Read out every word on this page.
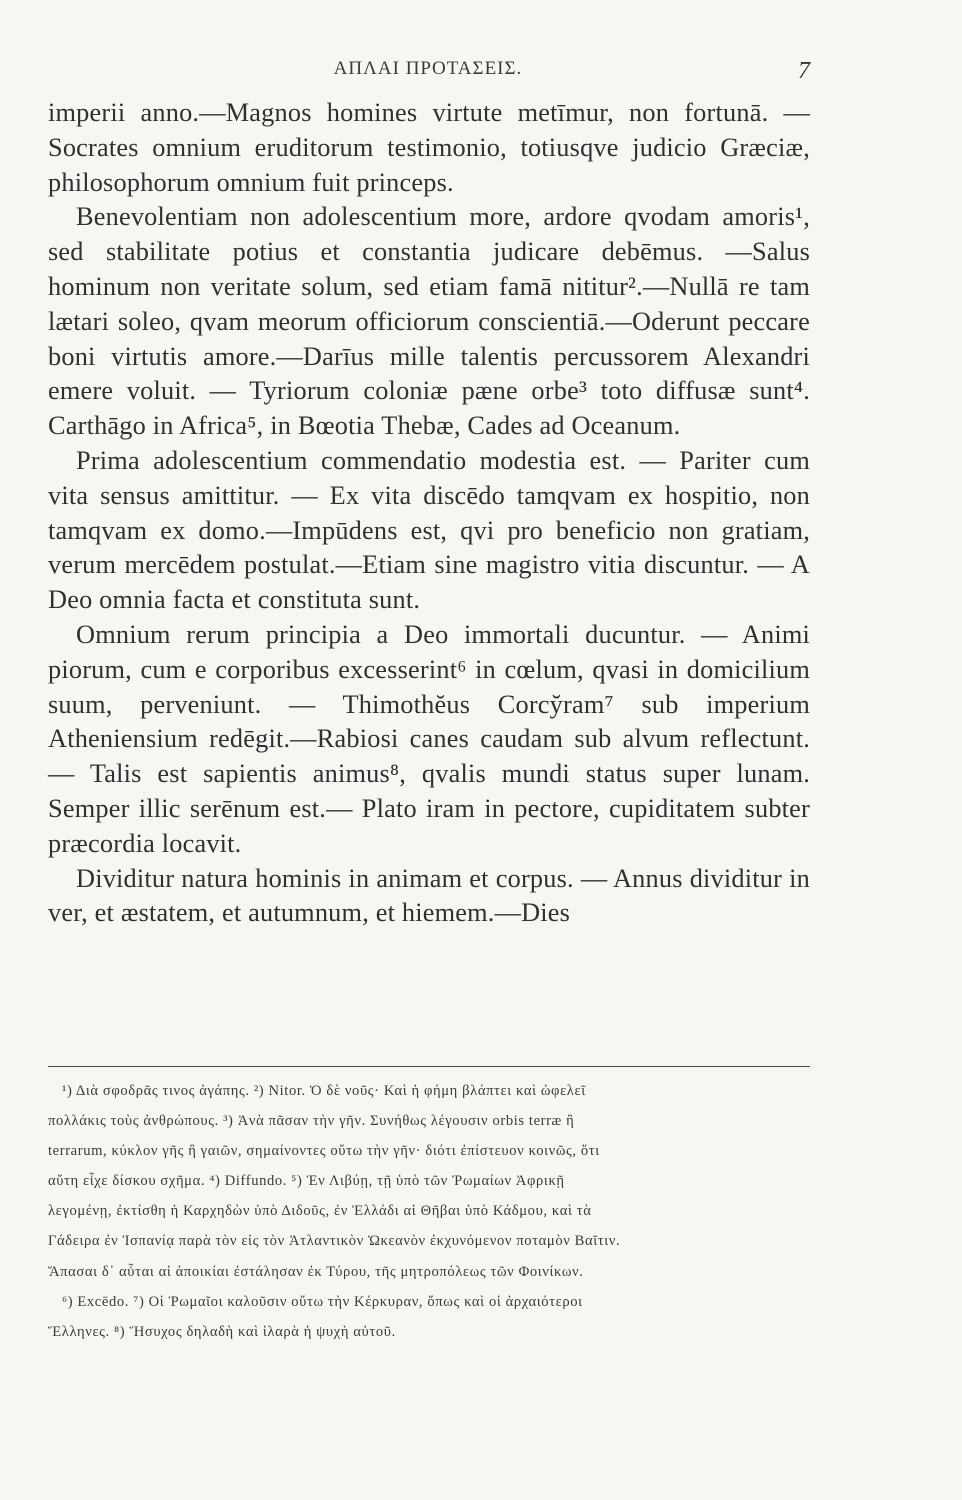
ΑΠΛΑΙ ΠΡΟΤΑΣΕΙΣ.	7

imperii anno.—Magnos homines virtute metīmur, non fortunā. — Socrates omnium eruditorum testimonio, totiusqve judicio Græciæ, philosophorum omnium fuit princeps.

Benevolentiam non adolescentium more, ardore qvodam amoris¹, sed stabilitate potius et constantia judicare debēmus. —Salus hominum non veritate solum, sed etiam famā nititur².—Nullā re tam lætari soleo, qvam meorum officiorum conscientiā.—Oderunt peccare boni virtutis amore.—Darīus mille talentis percussorem Alexandri emere voluit. — Tyriorum coloniæ pæne orbe³ toto diffusæ sunt⁴. Carthāgo in Africa⁵, in Bœotia Thebæ, Cades ad Oceanum.

Prima adolescentium commendatio modestia est. — Pariter cum vita sensus amittitur. — Ex vita discēdo tamqvam ex hospitio, non tamqvam ex domo.—Impūdens est, qvi pro beneficio non gratiam, verum mercēdem postulat.—Etiam sine magistro vitia discuntur. — A Deo omnia facta et constituta sunt.

Omnium rerum principia a Deo immortali ducuntur. — Animi piorum, cum e corporibus excesserint⁶ in cœlum, qvasi in domicilium suum, perveniunt. — Thimothĕus Corcy̆ram⁷ sub imperium Atheniensium redēgit.—Rabiosi canes caudam sub alvum reflectunt. — Talis est sapientis animus⁸, qvalis mundi status super lunam. Semper illic serēnum est.— Plato iram in pectore, cupiditatem subter præcordia locavit.

Dividitur natura hominis in animam et corpus. — Annus dividitur in ver, et æstatem, et autumnum, et hiemem.—Dies

¹) Διὰ σφοδρᾶς τινος ἀγάπης. ²) Nitor. Ὁ δὲ νοῦς· Καὶ ἡ φήμη βλάπτει καὶ ὠφελεῖ

πολλάκις τοὺς ἀνθρώπους. ³) Ἀνὰ πᾶσαν τὴν γῆν. Συνήθως λέγουσιν orbis terræ ἢ

terrarum, κύκλον γῆς ἢ γαιῶν, σημαίνοντες οὕτω τὴν γῆν· διότι ἐπίστευον κοινῶς, ὅτι

αὕτη εἶχε δίσκου σχῆμα. ⁴) Diffundo. ⁵) Ἐν Λιβύῃ, τῇ ὑπὸ τῶν Ῥωμαίων Ἀφρικῇ

λεγομένῃ, ἐκτίσθη ἡ Καρχηδὼν ὑπὸ Διδοῦς, ἐν Ἑλλάδι αἱ Θῆβαι ὑπὸ Κάδμου, καὶ τὰ

Γάδειρα ἐν Ἱσπανίᾳ παρὰ τὸν εἰς τὸν Ἀτλαντικὸν Ὠκεανὸν ἐκχυνόμενον ποταμὸν Βαῖτιν.

Ἅπασαι δ᾽ αὗται αἱ ἀποικίαι ἐστάλησαν ἐκ Τύρου, τῆς μητροπόλεως τῶν Φοινίκων.

⁶) Excēdo. ⁷) Οἱ Ῥωμαῖοι καλοῦσιν οὕτω τὴν Κέρκυραν, ὅπως καὶ οἱ ἀρχαιότεροι

Ἕλληνες. ⁸) Ἥσυχος δηλαδὴ καὶ ἱλαρὰ ἡ ψυχὴ αὐτοῦ.
